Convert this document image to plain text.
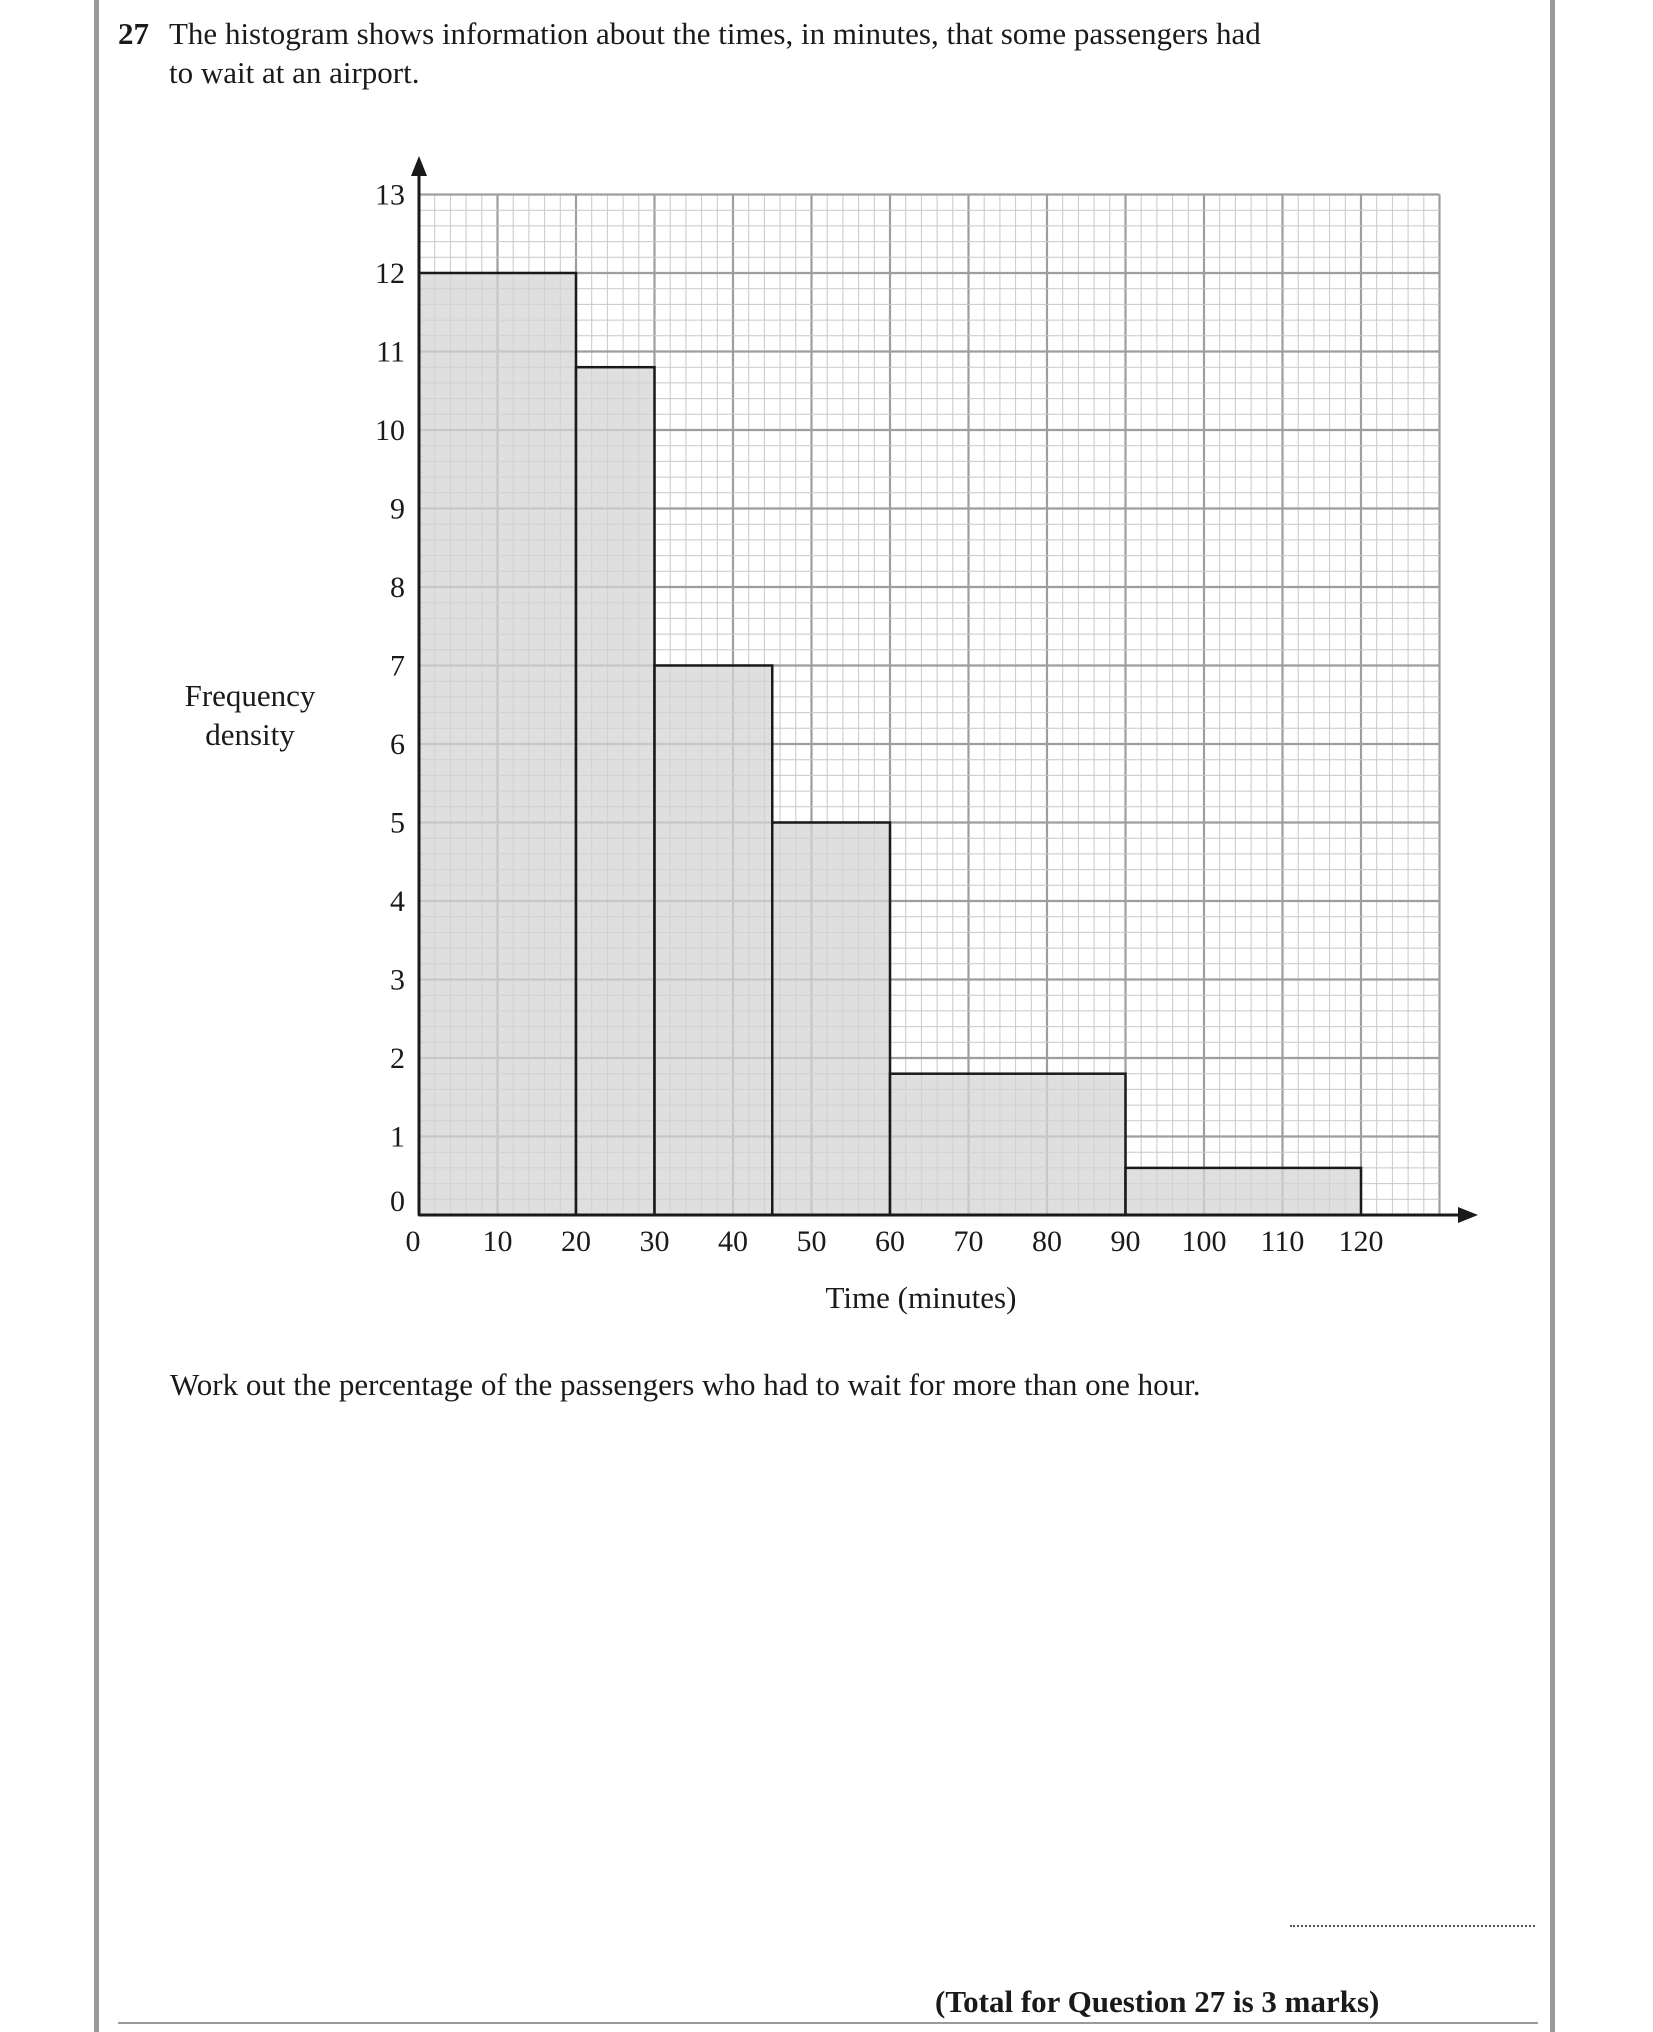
27 The histogram shows information about the times, in minutes, that some passengers had
to wait at an airport.
Frequency
density
0
1
2
3
4
5
6
7
8
9
10
11
12
13
0 10 20 30 40 50 60 70 80 90 100 110 120
Time (minutes)
Work out the percentage of the passengers who had to wait for more than one hour.
(Total for Question 27 is 3 marks)
